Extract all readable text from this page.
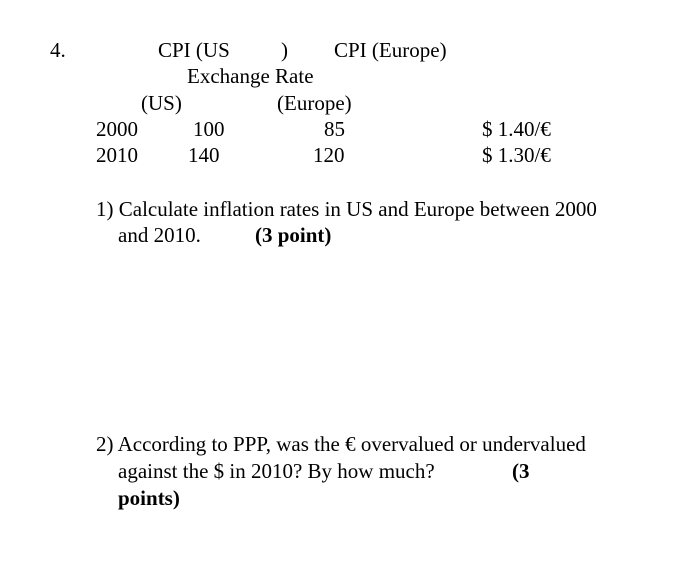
4.	CPI (US ) CPI (Europe)
Exchange Rate
(US)	(Europe)
2000	100	85	$ 1.40/€
2010 140	120	$ 1.30/€
1) Calculate inflation rates in US and Europe between 2000
and 2010.	(3 point)
2) According to PPP, was the € overvalued or undervalued
against the $ in 2010? By how much?	(3
points)
